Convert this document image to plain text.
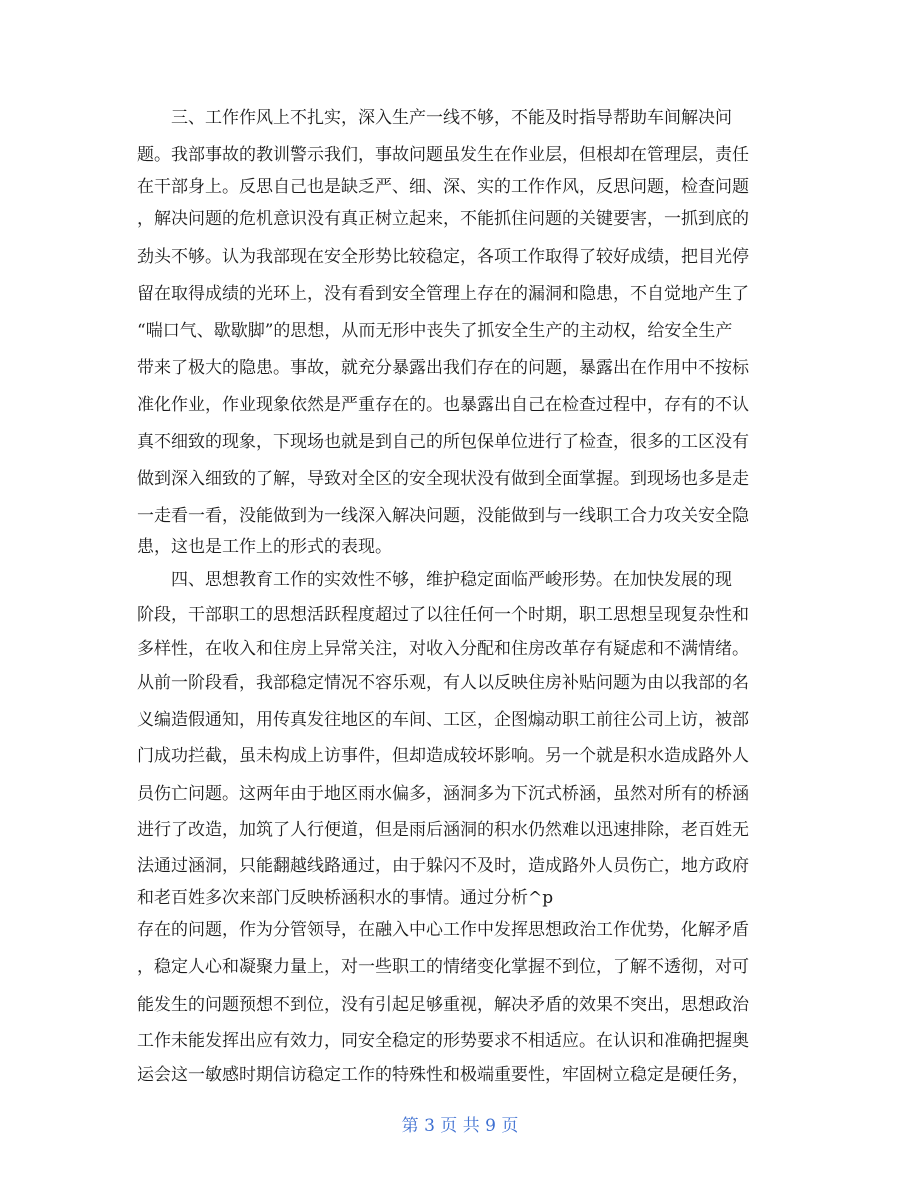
　　三、工作作风上不扎实，深入生产一线不够，不能及时指导帮助车间解决问
题。我部事故的教训警示我们，事故问题虽发生在作业层，但根却在管理层，责任
在干部身上。反思自己也是缺乏严、细、深、实的工作作风，反思问题，检查问题
，解决问题的危机意识没有真正树立起来，不能抓住问题的关键要害，一抓到底的
劲头不够。认为我部现在安全形势比较稳定，各项工作取得了较好成绩，把目光停
留在取得成绩的光环上，没有看到安全管理上存在的漏洞和隐患，不自觉地产生了
“喘口气、歇歇脚”的思想，从而无形中丧失了抓安全生产的主动权，给安全生产
带来了极大的隐患。事故，就充分暴露出我们存在的问题，暴露出在作用中不按标
准化作业，作业现象依然是严重存在的。也暴露出自己在检查过程中，存有的不认
真不细致的现象，下现场也就是到自己的所包保单位进行了检查，很多的工区没有
做到深入细致的了解，导致对全区的安全现状没有做到全面掌握。到现场也多是走
一走看一看，没能做到为一线深入解决问题，没能做到与一线职工合力攻关安全隐
患，这也是工作上的形式的表现。
　　四、思想教育工作的实效性不够，维护稳定面临严峻形势。在加快发展的现
阶段，干部职工的思想活跃程度超过了以往任何一个时期，职工思想呈现复杂性和
多样性，在收入和住房上异常关注，对收入分配和住房改革存有疑虑和不满情绪。
从前一阶段看，我部稳定情况不容乐观，有人以反映住房补贴问题为由以我部的名
义编造假通知，用传真发往地区的车间、工区，企图煽动职工前往公司上访，被部
门成功拦截，虽未构成上访事件，但却造成较坏影响。另一个就是积水造成路外人
员伤亡问题。这两年由于地区雨水偏多，涵洞多为下沉式桥涵，虽然对所有的桥涵
进行了改造，加筑了人行便道，但是雨后涵洞的积水仍然难以迅速排除，老百姓无
法通过涵洞，只能翻越线路通过，由于躲闪不及时，造成路外人员伤亡，地方政府
和老百姓多次来部门反映桥涵积水的事情。通过分析^p
存在的问题，作为分管领导，在融入中心工作中发挥思想政治工作优势，化解矛盾
，稳定人心和凝聚力量上，对一些职工的情绪变化掌握不到位，了解不透彻，对可
能发生的问题预想不到位，没有引起足够重视，解决矛盾的效果不突出，思想政治
工作未能发挥出应有效力，同安全稳定的形势要求不相适应。在认识和准确把握奥
运会这一敏感时期信访稳定工作的特殊性和极端重要性，牢固树立稳定是硬任务，
第 3 页 共 9 页
